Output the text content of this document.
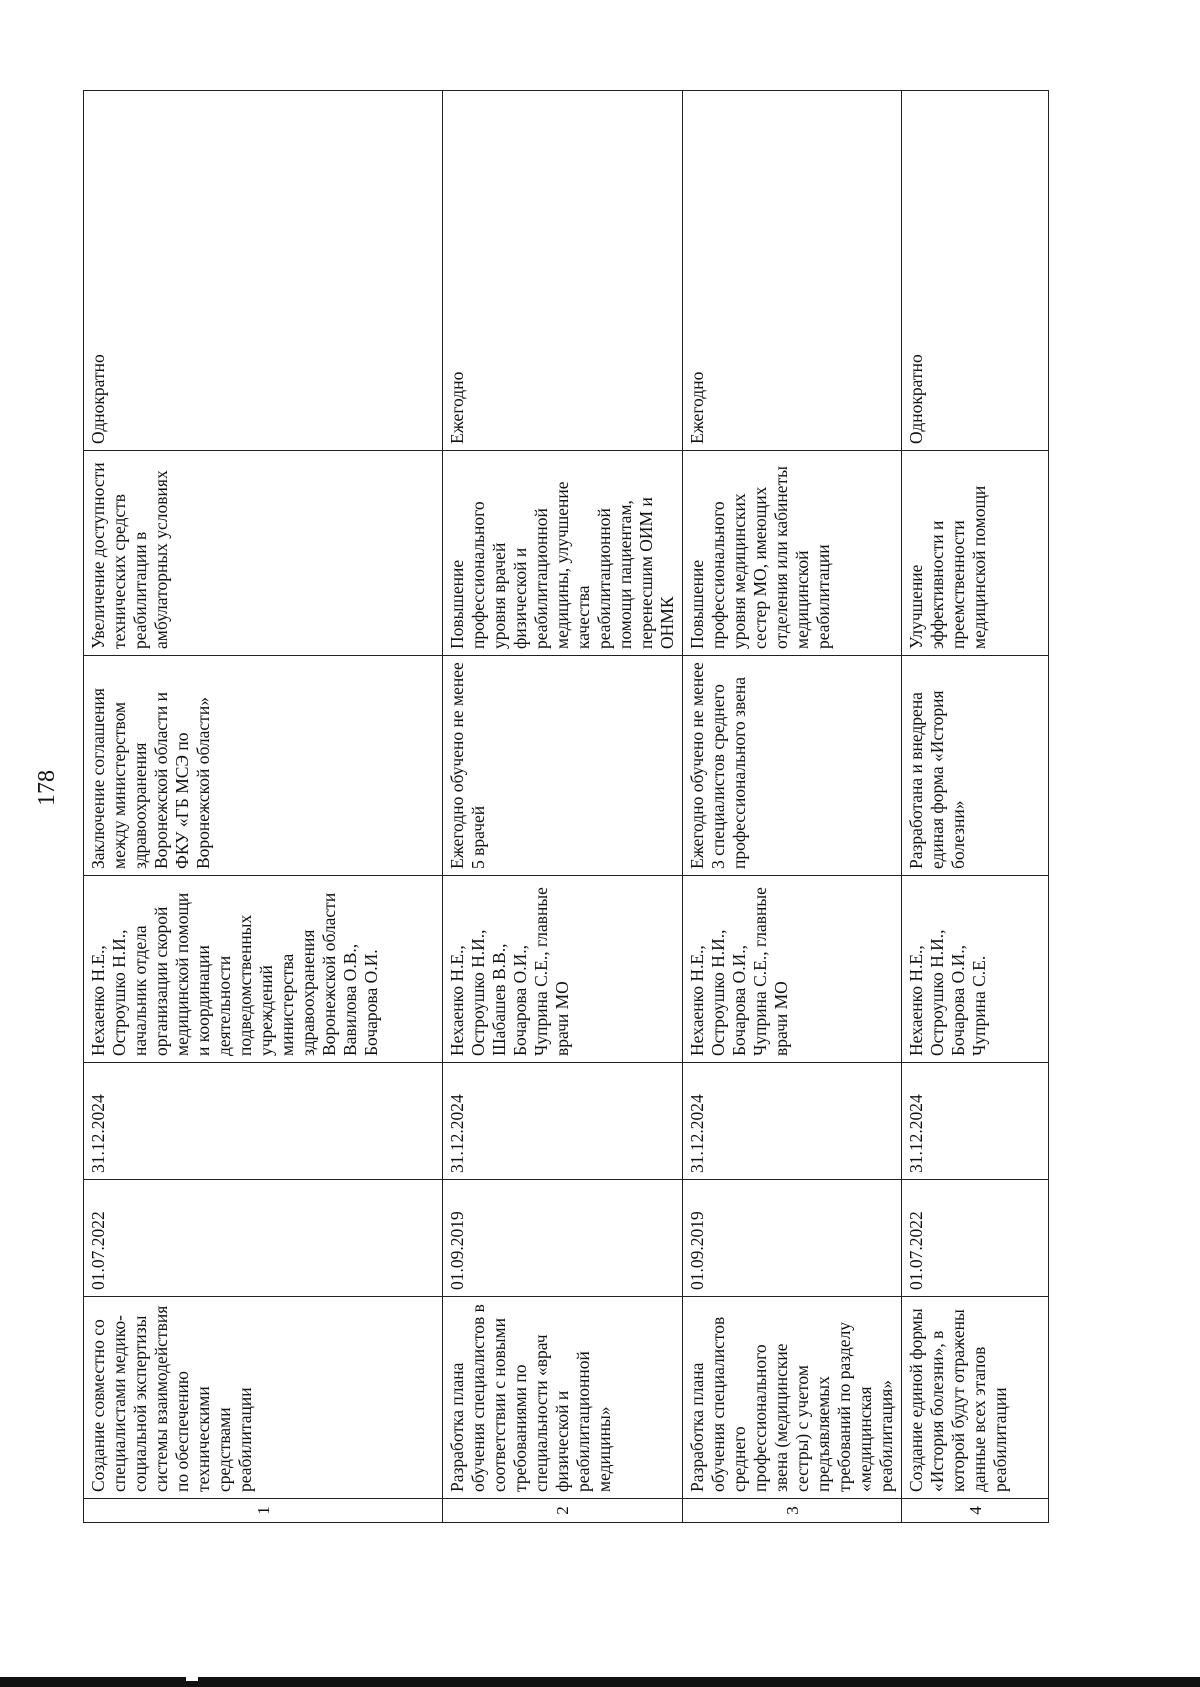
178
1	Создание совместно со специалистами медико-социальной экспертизы системы взаимодействия по обеспечению техническими средствами реабилитации	01.07.2022	31.12.2024	Нехаенко Н.Е., Остроушко Н.И., начальник отдела организации скорой медицинской помощи и координации деятельности подведомственных учреждений министерства здравоохранения Воронежской области Вавилова О.В., Бочарова О.И.	Заключение соглашения между министерством здравоохранения Воронежской области и ФКУ «ГБ МСЭ по Воронежской области»	Увеличение доступности технических средств реабилитации в амбулаторных условиях	Однократно
2	Разработка плана обучения специалистов в соответствии с новыми требованиями по специальности «врач физической и реабилитационной медицины»	01.09.2019	31.12.2024	Нехаенко Н.Е., Остроушко Н.И., Шабашев В.В., Бочарова О.И., Чуприна С.Е., главные врачи МО	Ежегодно обучено не менее 5 врачей	Повышение профессионального уровня врачей физической и реабилитационной медицины, улучшение качества реабилитационной помощи пациентам, перенесшим ОИМ и ОНМК	Ежегодно
3	Разработка плана обучения специалистов среднего профессионального звена (медицинские сестры) с учетом предъявляемых требований по разделу «медицинская реабилитация»	01.09.2019	31.12.2024	Нехаенко Н.Е., Остроушко Н.И., Бочарова О.И., Чуприна С.Е., главные врачи МО	Ежегодно обучено не менее 3 специалистов среднего профессионального звена	Повышение профессионального уровня медицинских сестер МО, имеющих отделения или кабинеты медицинской реабилитации	Ежегодно
4	Создание единой формы «История болезни», в которой будут отражены данные всех этапов реабилитации	01.07.2022	31.12.2024	Нехаенко Н.Е., Остроушко Н.И., Бочарова О.И., Чуприна С.Е.	Разработана и внедрена единая форма «История болезни»	Улучшение эффективности и преемственности медицинской помощи	Однократно
